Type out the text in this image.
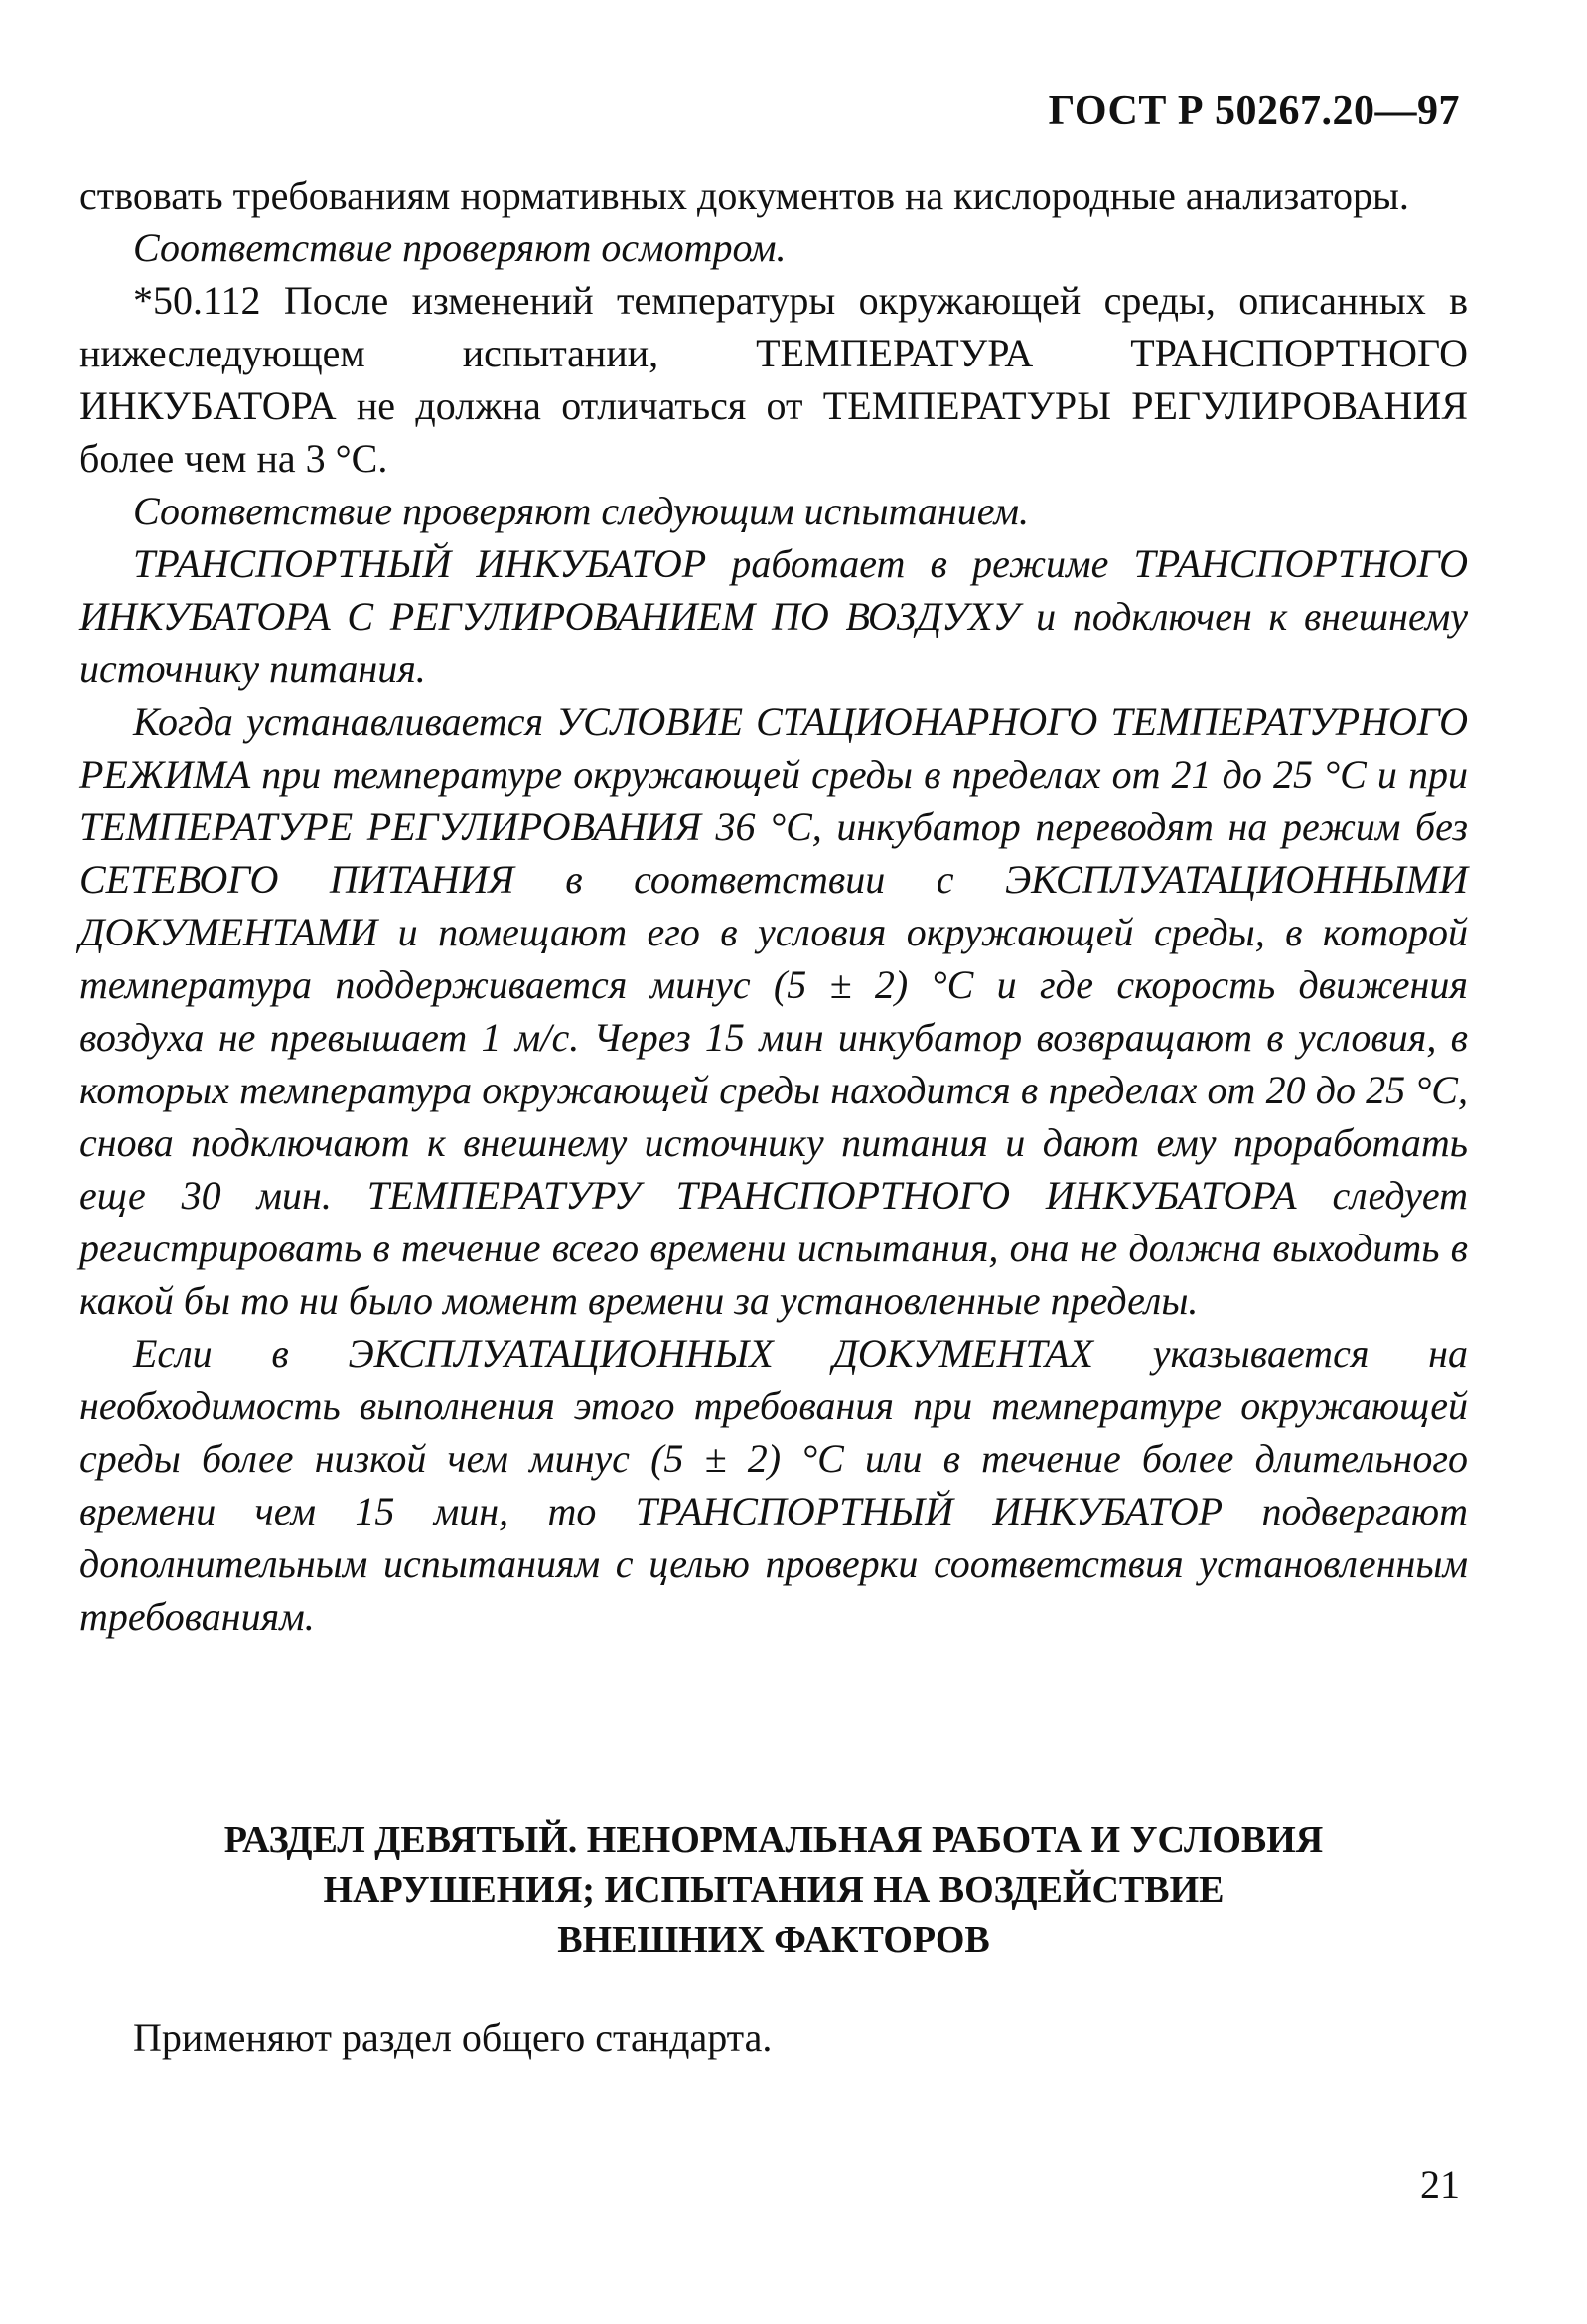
ГОСТ Р 50267.20—97

ствовать требованиям нормативных документов на кислородные анализаторы.

Соответствие проверяют осмотром.

*50.112 После изменений температуры окружающей среды, описанных в нижеследующем испытании, ТЕМПЕРАТУРА ТРАНСПОРТНОГО ИНКУБАТОРА не должна отличаться от ТЕМПЕРАТУРЫ РЕГУЛИРОВАНИЯ более чем на 3 °С.

Соответствие проверяют следующим испытанием.

ТРАНСПОРТНЫЙ ИНКУБАТОР работает в режиме ТРАНСПОРТНОГО ИНКУБАТОРА С РЕГУЛИРОВАНИЕМ ПО ВОЗДУХУ и подключен к внешнему источнику питания.

Когда устанавливается УСЛОВИЕ СТАЦИОНАРНОГО ТЕМПЕРАТУРНОГО РЕЖИМА при температуре окружающей среды в пределах от 21 до 25 °С и при ТЕМПЕРАТУРЕ РЕГУЛИРОВАНИЯ 36 °С, инкубатор переводят на режим без СЕТЕВОГО ПИТАНИЯ в соответствии с ЭКСПЛУАТАЦИОННЫМИ ДОКУМЕНТАМИ и помещают его в условия окружающей среды, в которой температура поддерживается минус (5 ± 2) °С и где скорость движения воздуха не превышает 1 м/с. Через 15 мин инкубатор возвращают в условия, в которых температура окружающей среды находится в пределах от 20 до 25 °С, снова подключают к внешнему источнику питания и дают ему проработать еще 30 мин. ТЕМПЕРАТУРУ ТРАНСПОРТНОГО ИНКУБАТОРА следует регистрировать в течение всего времени испытания, она не должна выходить в какой бы то ни было момент времени за установленные пределы.

Если в ЭКСПЛУАТАЦИОННЫХ ДОКУМЕНТАХ указывается на необходимость выполнения этого требования при температуре окружающей среды более низкой чем минус (5 ± 2) °С или в течение более длительного времени чем 15 мин, то ТРАНСПОРТНЫЙ ИНКУБАТОР подвергают дополнительным испытаниям с целью проверки соответствия установленным требованиям.

РАЗДЕЛ ДЕВЯТЫЙ. НЕНОРМАЛЬНАЯ РАБОТА И УСЛОВИЯ
НАРУШЕНИЯ; ИСПЫТАНИЯ НА ВОЗДЕЙСТВИЕ
ВНЕШНИХ ФАКТОРОВ
Применяют раздел общего стандарта.
21
